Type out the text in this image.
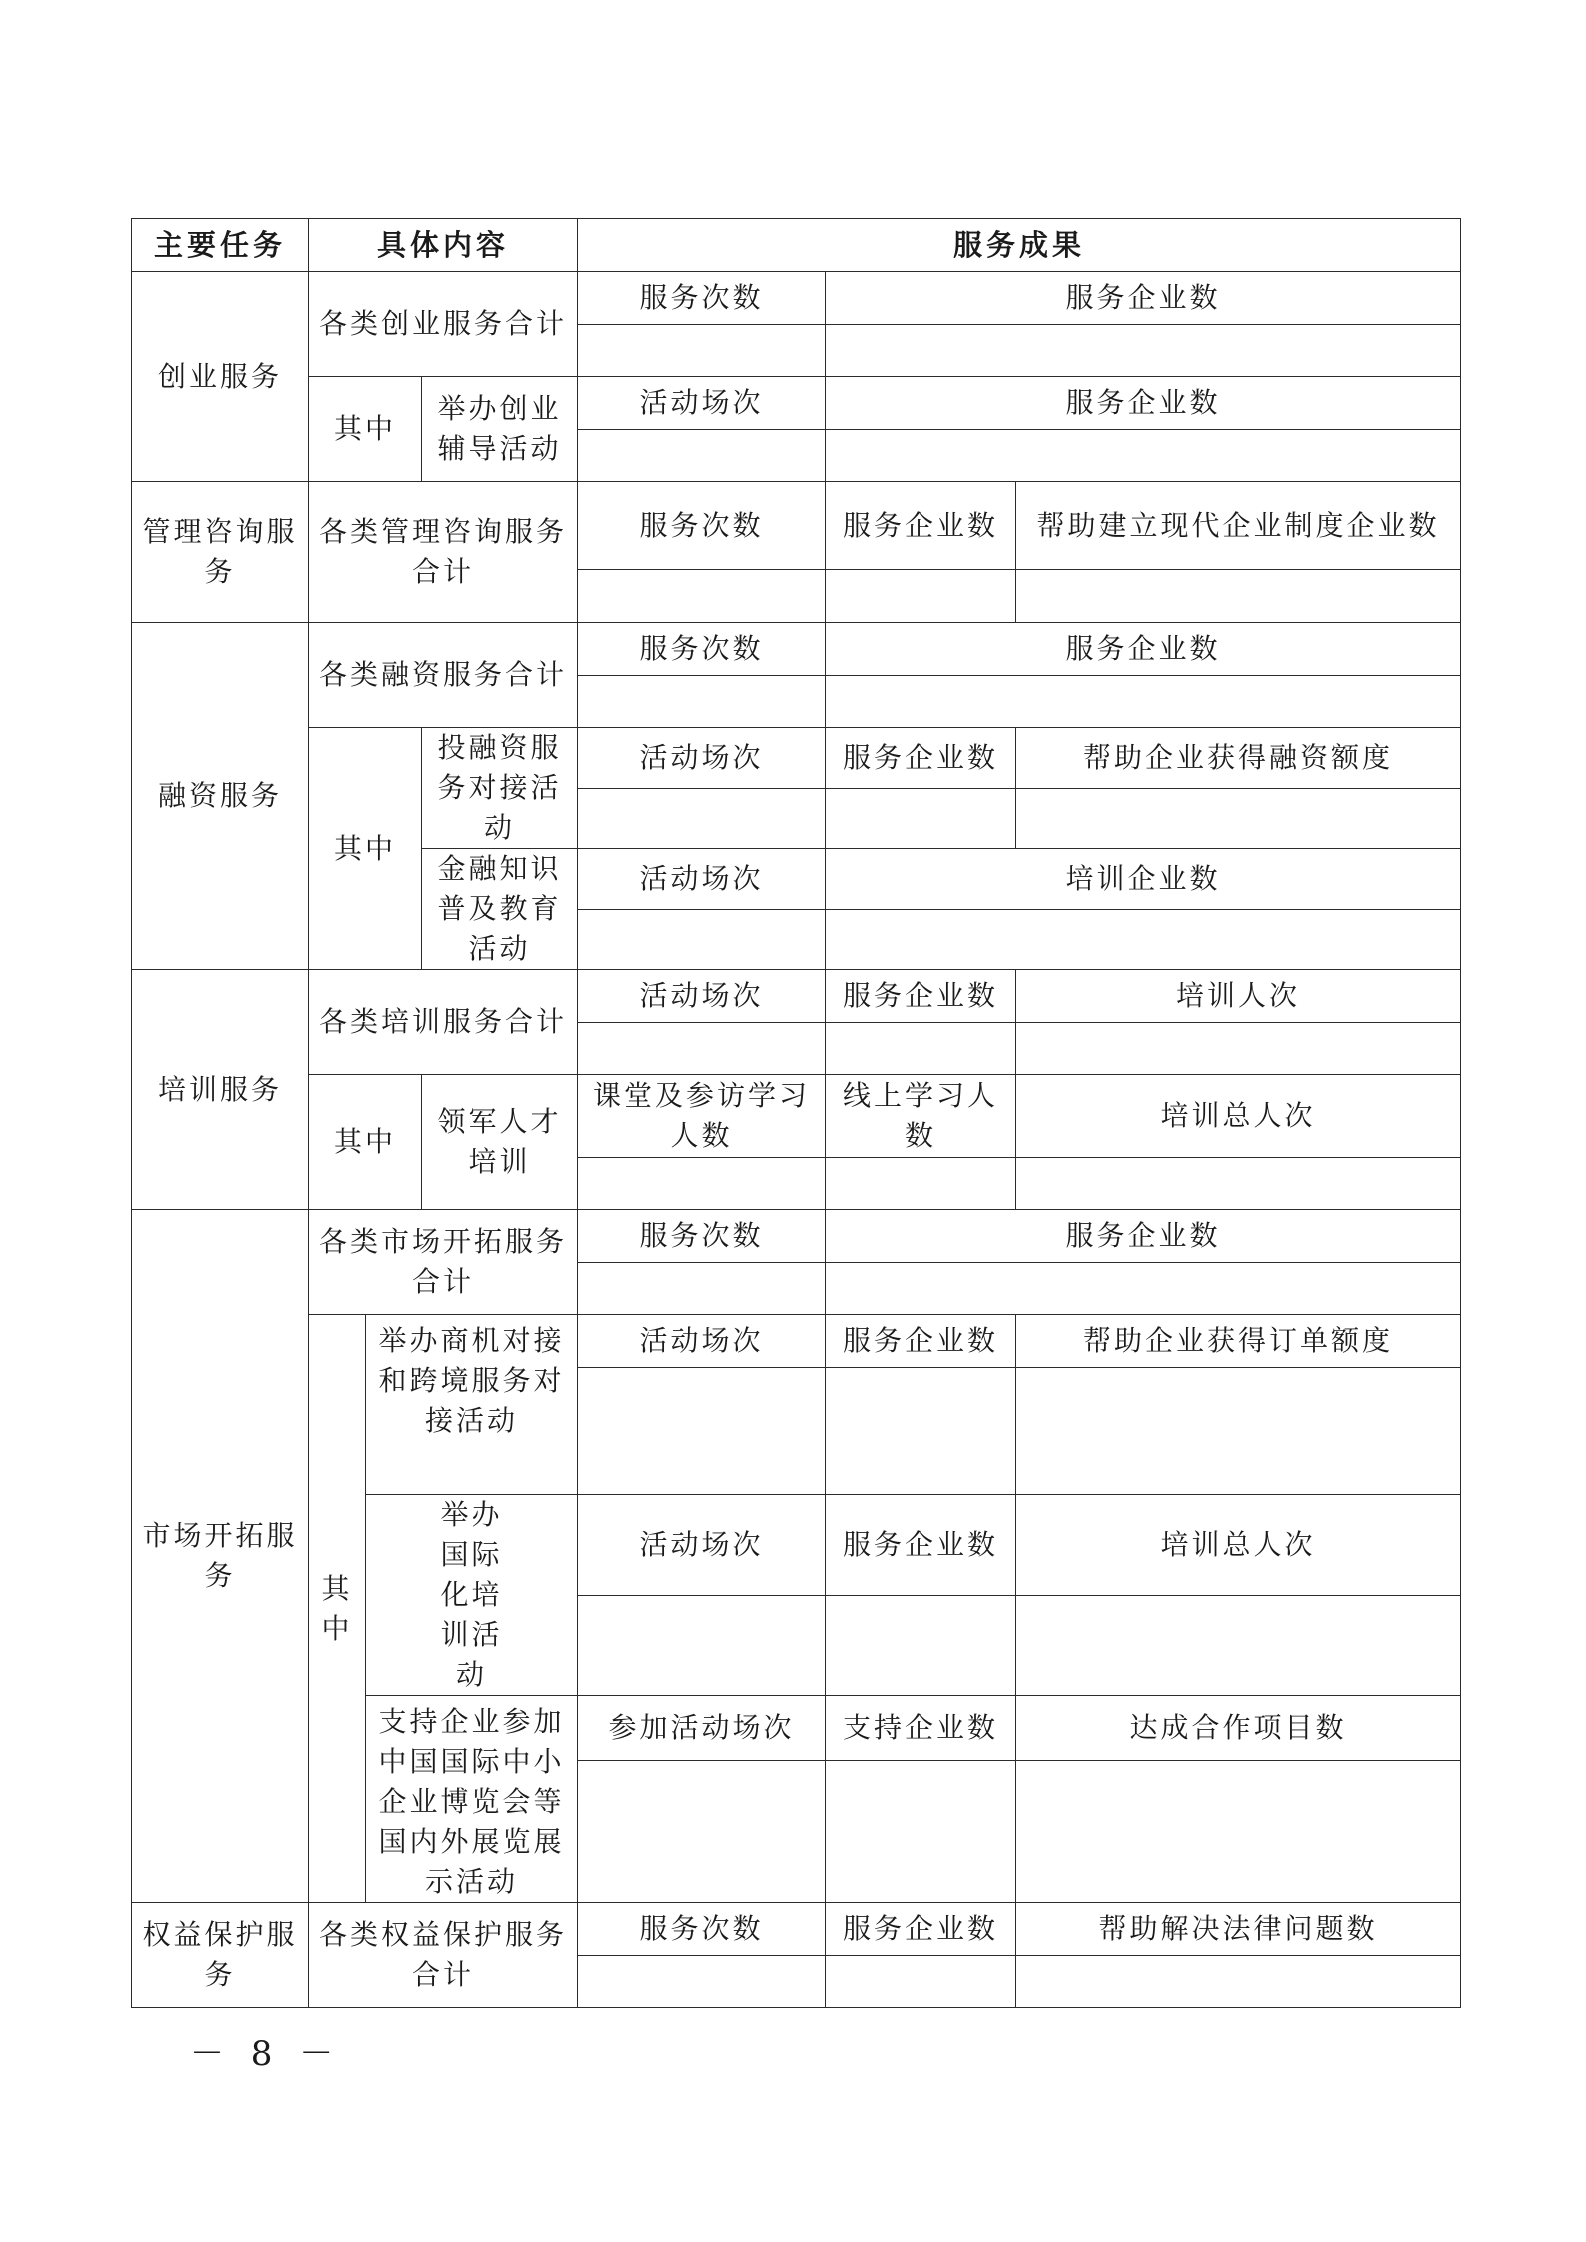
主要任务	具体内容			服务成果		
创业服务	各类创业服务合计			服务次数	服务企业数	

	其中		举办创业辅导活动	活动场次	服务企业数	

管理咨询服务	各类管理咨询服务合计			服务次数	服务企业数	帮助建立现代企业制度企业数

融资服务	各类融资服务合计			服务次数	服务企业数	

	其中		投融资服务对接活动	活动场次	服务企业数	帮助企业获得融资额度

			金融知识普及教育活动	活动场次	培训企业数	

培训服务	各类培训服务合计			活动场次	服务企业数	培训人次

	其中		领军人才培训	课堂及参访学习人数	线上学习人数	培训总人次

市场开拓服务	各类市场开拓服务合计			服务次数	服务企业数	

	其中	举办商机对接和跨境服务对接活动		活动场次	服务企业数	帮助企业获得订单额度

		举办国际化培训活动		活动场次	服务企业数	培训总人次

		支持企业参加中国国际中小企业博览会等国内外展览展示活动		参加活动场次	支持企业数	达成合作项目数

权益保护服务	各类权益保护服务合计			服务次数	服务企业数	帮助解决法律问题数

－ 8 －
